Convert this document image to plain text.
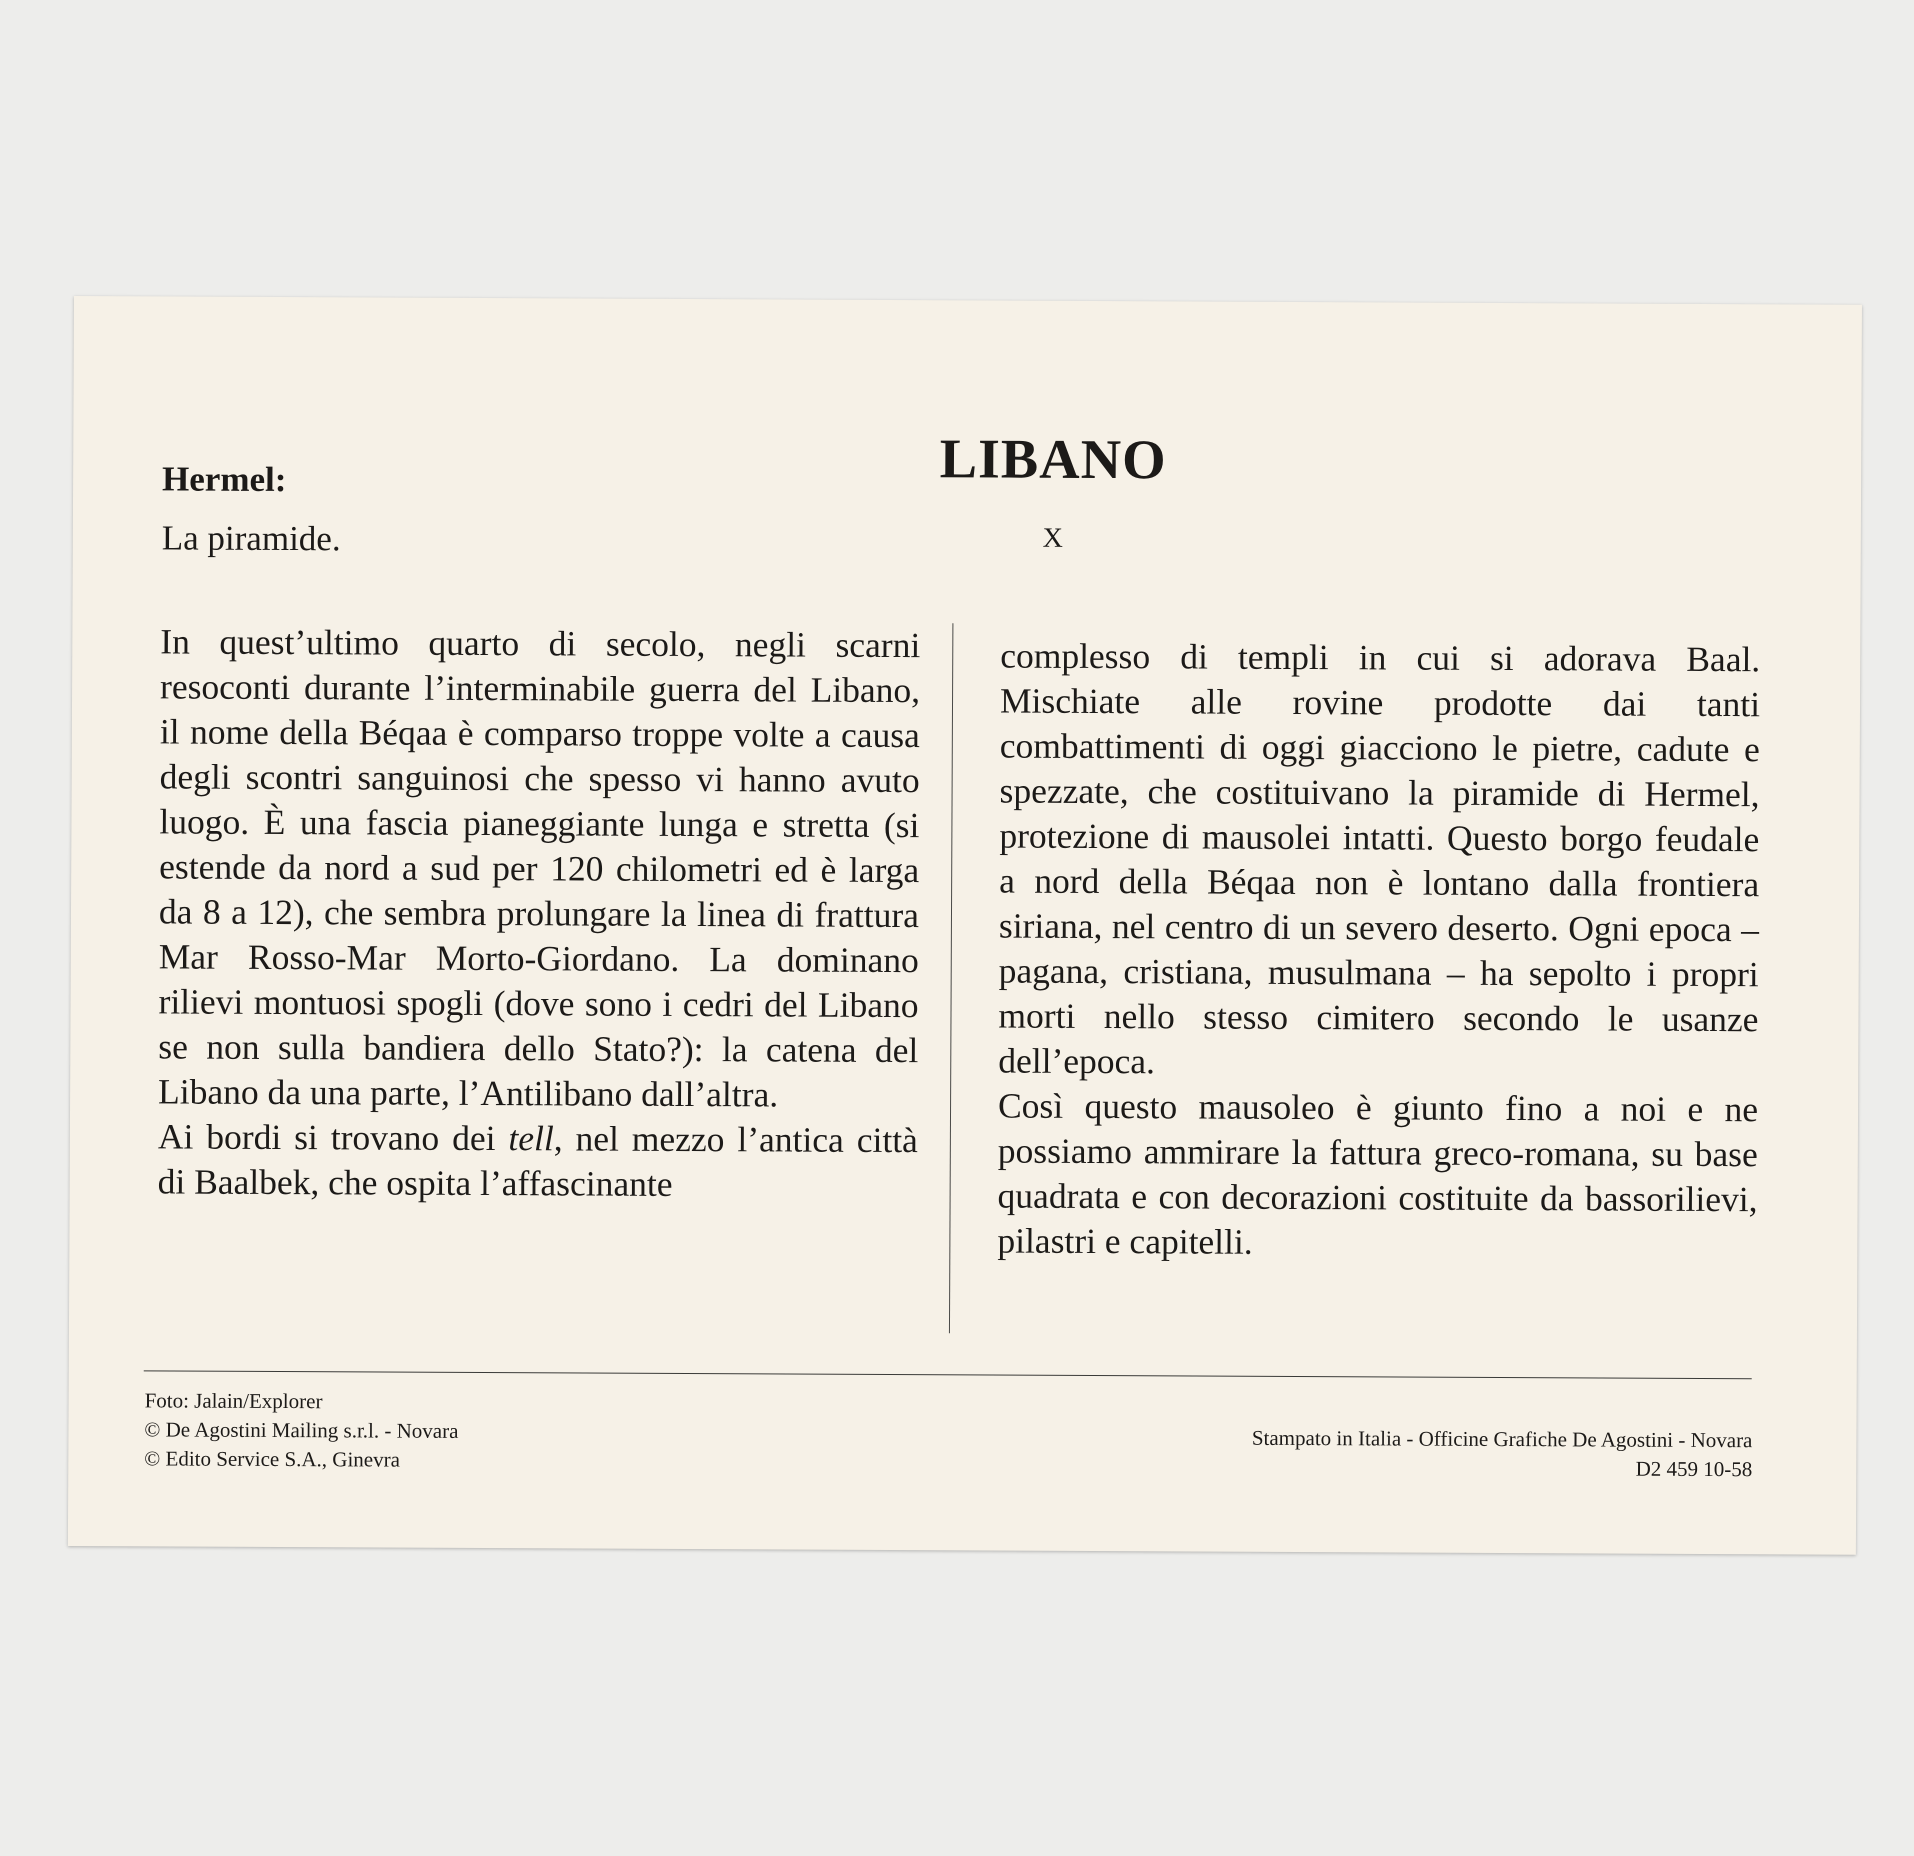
Hermel:
La piramide.
LIBANO
X

In quest’ultimo quarto di secolo, negli scarni resoconti durante l’interminabile guerra del Libano, il nome della Béqaa è comparso troppe volte a causa degli scontri sanguinosi che spesso vi hanno avuto luogo. È una fascia pianeggiante lunga e stretta (si estende da nord a sud per 120 chilometri ed è larga da 8 a 12), che sembra prolungare la linea di frattura Mar Rosso-Mar Morto-Giordano. La dominano rilievi montuosi spogli (dove sono i cedri del Libano se non sulla bandiera dello Stato?): la catena del Libano da una parte, l’Antilibano dall’altra.

Ai bordi si trovano dei tell, nel mezzo l’antica città di Baalbek, che ospita l’affascinante

complesso di templi in cui si adorava Baal. Mischiate alle rovine prodotte dai tanti combattimenti di oggi giacciono le pietre, cadute e spezzate, che costituivano la piramide di Hermel, protezione di mausolei intatti. Questo borgo feudale a nord della Béqaa non è lontano dalla frontiera siriana, nel centro di un severo deserto. Ogni epoca – pagana, cristiana, musulmana – ha sepolto i propri morti nello stesso cimitero secondo le usanze dell’epoca.

Così questo mausoleo è giunto fino a noi e ne possiamo ammirare la fattura greco-romana, su base quadrata e con decorazioni costituite da bassorilievi, pilastri e capitelli.

Foto: Jalain/Explorer
© De Agostini Mailing s.r.l. - Novara
© Edito Service S.A., Ginevra
Stampato in Italia - Officine Grafiche De Agostini - Novara
D2 459 10-58
